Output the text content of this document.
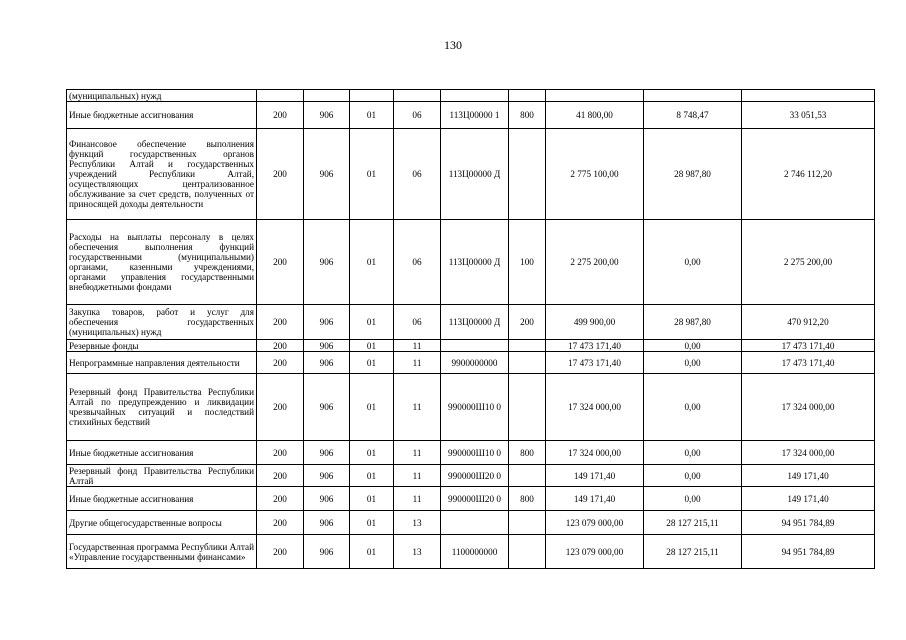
130
(муниципальных) нужд									
Иные бюджетные ассигнования	200	906	01	06	113Ц00000 1	800	41 800,00	8 748,47	33 051,53
Финансовое обеспечение выполнения функций государственных органов Республики Алтай и государственных учреждений Республики Алтай, осуществляющих централизованное обслуживание за счет средств, полученных от приносящей доходы деятельности	200	906	01	06	113Ц00000 Д		2 775 100,00	28 987,80	2 746 112,20
Расходы на выплаты персоналу в целях обеспечения выполнения функций государственными (муниципальными) органами, казенными учреждениями, органами управления государственными внебюджетными фондами	200	906	01	06	113Ц00000 Д	100	2 275 200,00	0,00	2 275 200,00
Закупка товаров, работ и услуг для обеспечения государственных (муниципальных) нужд	200	906	01	06	113Ц00000 Д	200	499 900,00	28 987,80	470 912,20
Резервные фонды	200	906	01	11			17 473 171,40	0,00	17 473 171,40
Непрограммные направления деятельности	200	906	01	11	9900000000		17 473 171,40	0,00	17 473 171,40
Резервный фонд Правительства Республики Алтай по предупреждению и ликвидации чрезвычайных ситуаций и последствий стихийных бедствий	200	906	01	11	990000Ш10 0		17 324 000,00	0,00	17 324 000,00
Иные бюджетные ассигнования	200	906	01	11	990000Ш10 0	800	17 324 000,00	0,00	17 324 000,00
Резервный фонд Правительства Республики Алтай	200	906	01	11	990000Ш20 0		149 171,40	0,00	149 171,40
Иные бюджетные ассигнования	200	906	01	11	990000Ш20 0	800	149 171,40	0,00	149 171,40
Другие общегосударственные вопросы	200	906	01	13			123 079 000,00	28 127 215,11	94 951 784,89
Государственная программа Республики Алтай «Управление государственными финансами»	200	906	01	13	1100000000		123 079 000,00	28 127 215,11	94 951 784,89
